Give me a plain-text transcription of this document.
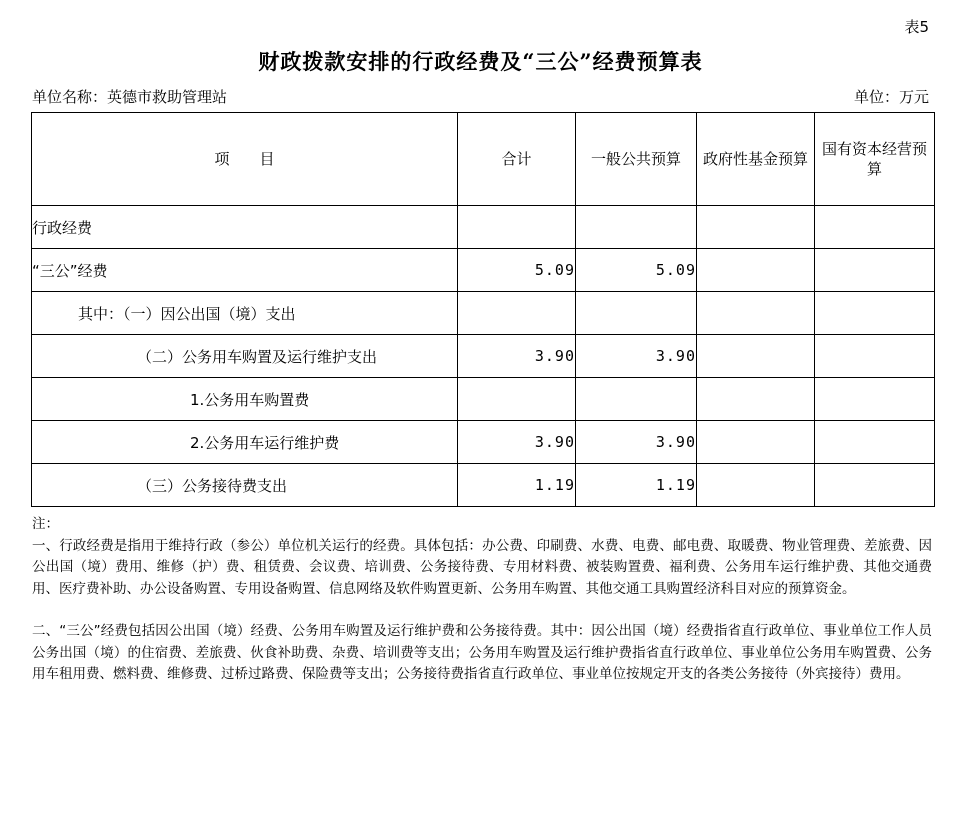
表5
财政拨款安排的行政经费及“三公”经费预算表
单位名称：英德市救助管理站	单位：万元
项　　目	合计	一般公共预算	政府性基金预算	国有资本经营预算
行政经费				
“三公”经费	5.09	5.09		
其中：（一）因公出国（境）支出				
（二）公务用车购置及运行维护支出	3.90	3.90		
1.公务用车购置费				
2.公务用车运行维护费	3.90	3.90		
（三）公务接待费支出	1.19	1.19		

注：

一、行政经费是指用于维持行政（参公）单位机关运行的经费。具体包括：办公费、印刷费、水费、电费、邮电费、取暖费、物业管理费、差旅费、因公出国（境）费用、维修（护）费、租赁费、会议费、培训费、公务接待费、专用材料费、被装购置费、福利费、公务用车运行维护费、其他交通费用、医疗费补助、办公设备购置、专用设备购置、信息网络及软件购置更新、公务用车购置、其他交通工具购置经济科目对应的预算资金。

二、“三公”经费包括因公出国（境）经费、公务用车购置及运行维护费和公务接待费。其中：因公出国（境）经费指省直行政单位、事业单位工作人员公务出国（境）的住宿费、差旅费、伙食补助费、杂费、培训费等支出；公务用车购置及运行维护费指省直行政单位、事业单位公务用车购置费、公务用车租用费、燃料费、维修费、过桥过路费、保险费等支出；公务接待费指省直行政单位、事业单位按规定开支的各类公务接待（外宾接待）费用。
